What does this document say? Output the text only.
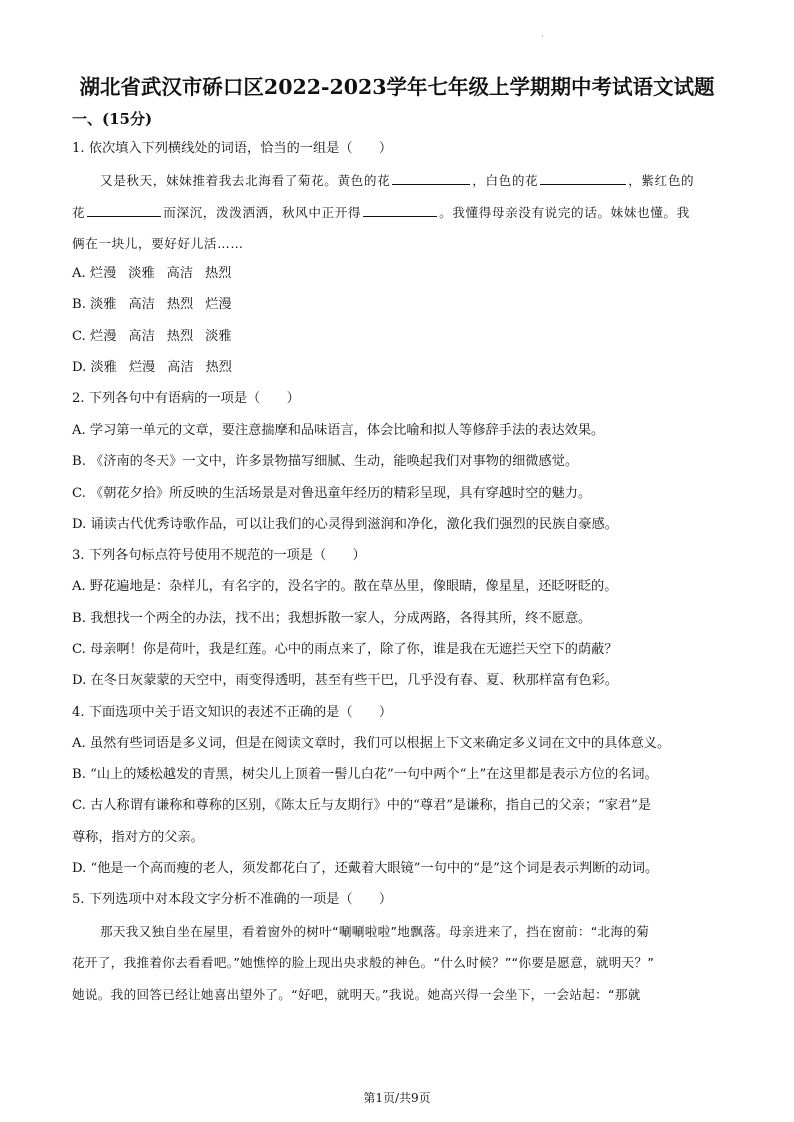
·
湖北省武汉市硚口区2022-2023学年七年级上学期期中考试语文试题
一、(15分)
1. 依次填入下列横线处的词语，恰当的一组是（　　）
又是秋天，妹妹推着我去北海看了菊花。黄色的花	，白色的花	，紫红色的
花	而深沉，泼泼洒洒，秋风中正开得	。我懂得母亲没有说完的话。妹妹也懂。我
俩在一块儿，要好好儿活……
A. 烂漫 淡雅 高洁 热烈
B. 淡雅 高洁 热烈 烂漫
C. 烂漫 高洁 热烈 淡雅
D. 淡雅 烂漫 高洁 热烈
2. 下列各句中有语病的一项是（　　）
A. 学习第一单元的文章，要注意揣摩和品味语言，体会比喻和拟人等修辞手法的表达效果。
B. 《济南的冬天》一文中，许多景物描写细腻、生动，能唤起我们对事物的细微感觉。
C. 《朝花夕拾》所反映的生活场景是对鲁迅童年经历的精彩呈现，具有穿越时空的魅力。
D. 诵读古代优秀诗歌作品，可以让我们的心灵得到滋润和净化，激化我们强烈的民族自豪感。
3. 下列各句标点符号使用不规范的一项是（　　）
A. 野花遍地是：杂样儿，有名字的，没名字的。散在草丛里，像眼睛，像星星，还眨呀眨的。
B. 我想找一个两全的办法，找不出；我想拆散一家人，分成两路，各得其所，终不愿意。
C. 母亲啊！你是荷叶，我是红莲。心中的雨点来了，除了你，谁是我在无遮拦天空下的荫蔽？
D. 在冬日灰蒙蒙的天空中，雨变得透明，甚至有些干巴，几乎没有春、夏、秋那样富有色彩。
4. 下面选项中关于语文知识的表述不正确的是（　　）
A. 虽然有些词语是多义词，但是在阅读文章时，我们可以根据上下文来确定多义词在文中的具体意义。
B. “山上的矮松越发的青黑，树尖儿上顶着一髻儿白花”一句中两个“上”在这里都是表示方位的名词。
C. 古人称谓有谦称和尊称的区别，《陈太丘与友期行》中的“尊君”是谦称，指自己的父亲；“家君”是
尊称，指对方的父亲。
D. “他是一个高而瘦的老人，须发都花白了，还戴着大眼镜”一句中的“是”这个词是表示判断的动词。
5. 下列选项中对本段文字分析不准确的一项是（　　）
那天我又独自坐在屋里，看着窗外的树叶“唰唰啦啦”地飘落。母亲进来了，挡在窗前：“北海的菊
花开了，我推着你去看看吧。”她憔悴的脸上现出央求般的神色。“什么时候？”“你要是愿意，就明天？”
她说。我的回答已经让她喜出望外了。“好吧，就明天。”我说。她高兴得一会坐下，一会站起：“那就
第1页/共9页
